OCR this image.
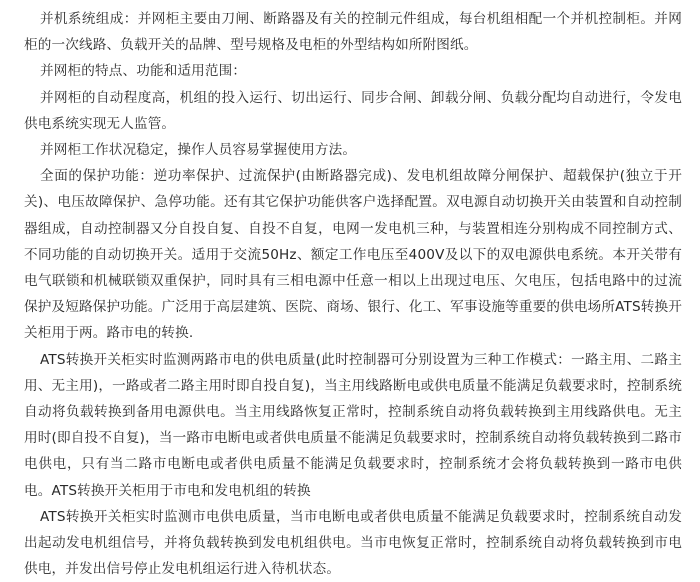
并机系统组成：并网柜主要由刀闸、断路器及有关的控制元件组成，每台机组相配一个并机控制柜。并网柜的一次线路、负载开关的品牌、型号规格及电柜的外型结构如所附图纸。

并网柜的特点、功能和适用范围：

并网柜的自动程度高，机组的投入运行、切出运行、同步合闸、卸载分闸、负载分配均自动进行，令发电供电系统实现无人监管。

并网柜工作状况稳定，操作人员容易掌握使用方法。

全面的保护功能：逆功率保护、过流保护(由断路器完成)、发电机组故障分闸保护、超载保护(独立于开关)、电压故障保护、急停功能。还有其它保护功能供客户选择配置。双电源自动切换开关由装置和自动控制器组成，自动控制器又分自投自复、自投不自复，电网一发电机三种，与装置相连分别构成不同控制方式、不同功能的自动切换开关。适用于交流50Hz、额定工作电压至400V及以下的双电源供电系统。本开关带有电气联锁和机械联锁双重保护，同时具有三相电源中任意一相以上出现过电压、欠电压，包括电路中的过流保护及短路保护功能。广泛用于高层建筑、医院、商场、银行、化工、军事设施等重要的供电场所ATS转换开关柜用于两。路市电的转换.

ATS转换开关柜实时监测两路市电的供电质量(此时控制器可分别设置为三种工作模式：一路主用、二路主用、无主用)，一路或者二路主用时即自投自复)，当主用线路断电或供电质量不能满足负载要求时，控制系统自动将负载转换到备用电源供电。当主用线路恢复正常时，控制系统自动将负载转换到主用线路供电。无主用时(即自投不自复)，当一路市电断电或者供电质量不能满足负载要求时，控制系统自动将负载转换到二路市电供电，只有当二路市电断电或者供电质量不能满足负载要求时，控制系统才会将负载转换到一路市电供电。ATS转换开关柜用于市电和发电机组的转换

ATS转换开关柜实时监测市电供电质量，当市电断电或者供电质量不能满足负载要求时，控制系统自动发出起动发电机组信号，并将负载转换到发电机组供电。当市电恢复正常时，控制系统自动将负载转换到市电供电，并发出信号停止发电机组运行进入待机状态。
